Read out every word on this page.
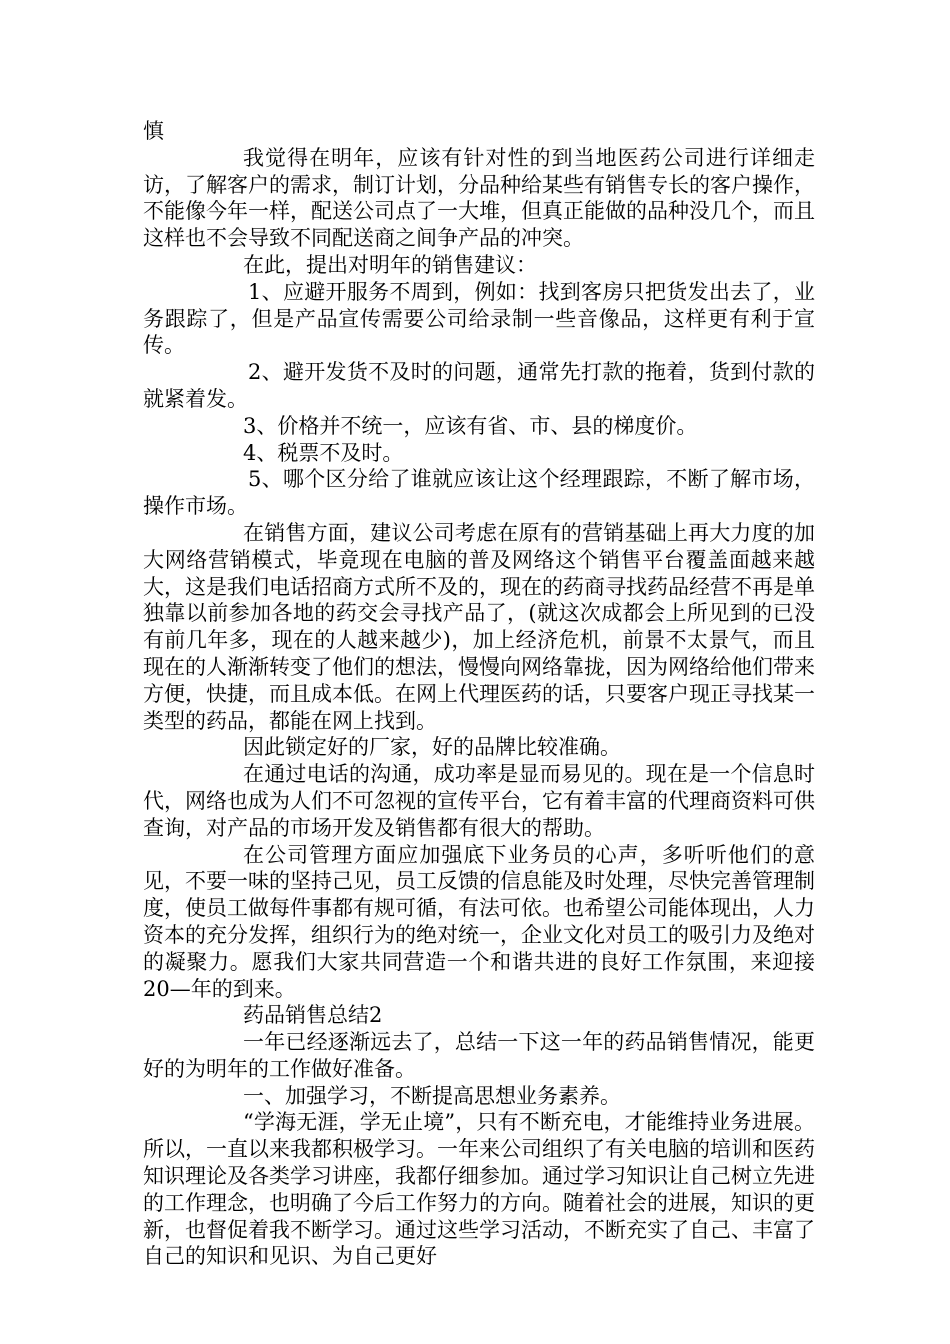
慎

我觉得在明年，应该有针对性的到当地医药公司进行详细走访，了解客户的需求，制订计划，分品种给某些有销售专长的客户操作，不能像今年一样，配送公司点了一大堆，但真正能做的品种没几个，而且这样也不会导致不同配送商之间争产品的冲突。

在此，提出对明年的销售建议：

1、应避开服务不周到，例如：找到客房只把货发出去了，业务跟踪了，但是产品宣传需要公司给录制一些音像品，这样更有利于宣传。

2、避开发货不及时的问题，通常先打款的拖着，货到付款的就紧着发。

3、价格并不统一，应该有省、市、县的梯度价。

4、税票不及时。

5、哪个区分给了谁就应该让这个经理跟踪，不断了解市场，操作市场。

在销售方面，建议公司考虑在原有的营销基础上再大力度的加大网络营销模式，毕竟现在电脑的普及网络这个销售平台覆盖面越来越大，这是我们电话招商方式所不及的，现在的药商寻找药品经营不再是单独靠以前参加各地的药交会寻找产品了，(就这次成都会上所见到的已没有前几年多，现在的人越来越少)，加上经济危机，前景不太景气，而且现在的人渐渐转变了他们的想法，慢慢向网络靠拢，因为网络给他们带来方便，快捷，而且成本低。在网上代理医药的话，只要客户现正寻找某一类型的药品，都能在网上找到。

因此锁定好的厂家，好的品牌比较准确。

在通过电话的沟通，成功率是显而易见的。现在是一个信息时代，网络也成为人们不可忽视的宣传平台，它有着丰富的代理商资料可供查询，对产品的市场开发及销售都有很大的帮助。

在公司管理方面应加强底下业务员的心声，多听听他们的意见，不要一味的坚持己见，员工反馈的信息能及时处理，尽快完善管理制度，使员工做每件事都有规可循，有法可依。也希望公司能体现出，人力资本的充分发挥，组织行为的绝对统一，企业文化对员工的吸引力及绝对的凝聚力。愿我们大家共同营造一个和谐共进的良好工作氛围，来迎接20—年的到来。

药品销售总结2

一年已经逐渐远去了，总结一下这一年的药品销售情况，能更好的为明年的工作做好准备。

一、加强学习，不断提高思想业务素养。

“学海无涯，学无止境”，只有不断充电，才能维持业务进展。所以，一直以来我都积极学习。一年来公司组织了有关电脑的培训和医药知识理论及各类学习讲座，我都仔细参加。通过学习知识让自己树立先进的工作理念，也明确了今后工作努力的方向。随着社会的进展，知识的更新，也督促着我不断学习。通过这些学习活动，不断充实了自己、丰富了自己的知识和见识、为自己更好
